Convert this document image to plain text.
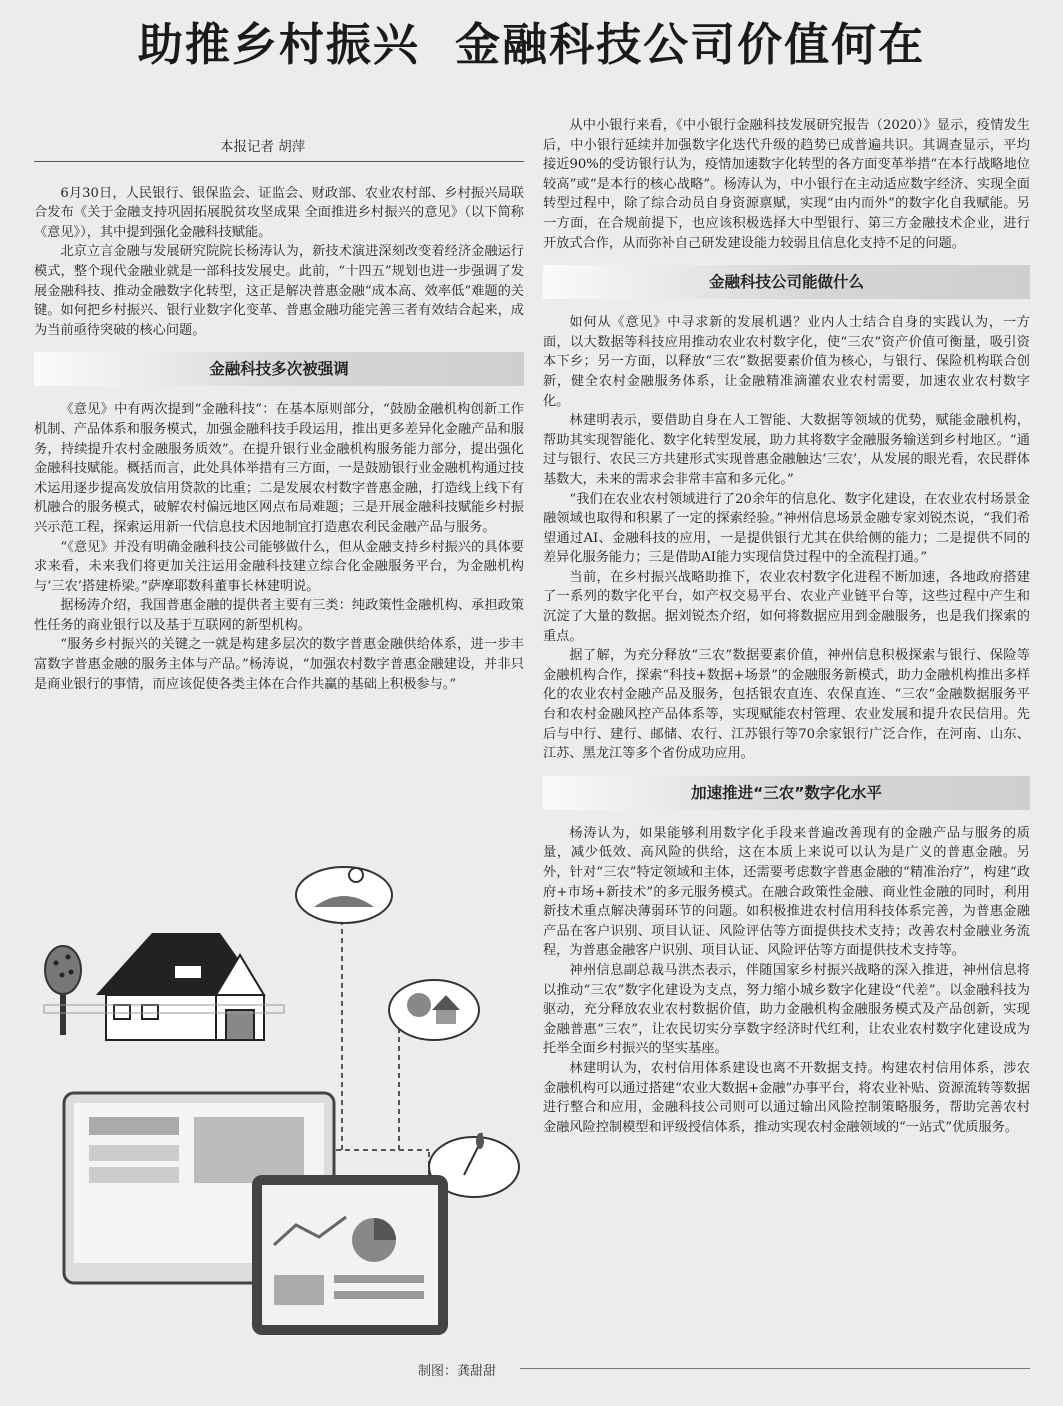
助推乡村振兴  金融科技公司价值何在
本报记者 胡萍

6月30日，人民银行、银保监会、证监会、财政部、农业农村部、乡村振兴局联合发布《关于金融支持巩固拓展脱贫攻坚成果 全面推进乡村振兴的意见》（以下简称《意见》），其中提到强化金融科技赋能。

北京立言金融与发展研究院院长杨涛认为，新技术演进深刻改变着经济金融运行模式，整个现代金融业就是一部科技发展史。此前，“十四五”规划也进一步强调了发展金融科技、推动金融数字化转型，这正是解决普惠金融“成本高、效率低”难题的关键。如何把乡村振兴、银行业数字化变革、普惠金融功能完善三者有效结合起来，成为当前亟待突破的核心问题。

金融科技多次被强调

《意见》中有两次提到“金融科技”：在基本原则部分，“鼓励金融机构创新工作机制、产品体系和服务模式，加强金融科技手段运用，推出更多差异化金融产品和服务，持续提升农村金融服务质效”。在提升银行业金融机构服务能力部分，提出强化金融科技赋能。概括而言，此处具体举措有三方面，一是鼓励银行业金融机构通过技术运用逐步提高发放信用贷款的比重；二是发展农村数字普惠金融，打造线上线下有机融合的服务模式，破解农村偏远地区网点布局难题；三是开展金融科技赋能乡村振兴示范工程，探索运用新一代信息技术因地制宜打造惠农利民金融产品与服务。

“《意见》并没有明确金融科技公司能够做什么，但从金融支持乡村振兴的具体要求来看，未来我们将更加关注运用金融科技建立综合化金融服务平台，为金融机构与‘三农’搭建桥梁。”萨摩耶数科董事长林建明说。

据杨涛介绍，我国普惠金融的提供者主要有三类：纯政策性金融机构、承担政策性任务的商业银行以及基于互联网的新型机构。

“服务乡村振兴的关键之一就是构建多层次的数字普惠金融供给体系，进一步丰富数字普惠金融的服务主体与产品。”杨涛说，“加强农村数字普惠金融建设，并非只是商业银行的事情，而应该促使各类主体在合作共赢的基础上积极参与。”

从中小银行来看，《中小银行金融科技发展研究报告（2020）》显示，疫情发生后，中小银行延续并加强数字化迭代升级的趋势已成普遍共识。其调查显示，平均接近90%的受访银行认为，疫情加速数字化转型的各方面变革举措“在本行战略地位较高”或“是本行的核心战略”。杨涛认为，中小银行在主动适应数字经济、实现全面转型过程中，除了综合动员自身资源禀赋，实现“由内而外”的数字化自我赋能。另一方面，在合规前提下，也应该积极选择大中型银行、第三方金融技术企业，进行开放式合作，从而弥补自己研发建设能力较弱且信息化支持不足的问题。

金融科技公司能做什么

如何从《意见》中寻求新的发展机遇？业内人士结合自身的实践认为，一方面，以大数据等科技应用推动农业农村数字化，使“三农”资产价值可衡量，吸引资本下乡；另一方面，以释放“三农”数据要素价值为核心，与银行、保险机构联合创新，健全农村金融服务体系，让金融精准滴灌农业农村需要，加速农业农村数字化。

林建明表示，要借助自身在人工智能、大数据等领域的优势，赋能金融机构，帮助其实现智能化、数字化转型发展，助力其将数字金融服务输送到乡村地区。“通过与银行、农民三方共建形式实现普惠金融触达‘三农’，从发展的眼光看，农民群体基数大，未来的需求会非常丰富和多元化。”

“我们在农业农村领域进行了20余年的信息化、数字化建设，在农业农村场景金融领域也取得和积累了一定的探索经验。”神州信息场景金融专家刘锐杰说，“我们希望通过AI、金融科技的应用，一是提供银行尤其在供给侧的能力；二是提供不同的差异化服务能力；三是借助AI能力实现信贷过程中的全流程打通。”

当前，在乡村振兴战略助推下，农业农村数字化进程不断加速，各地政府搭建了一系列的数字化平台，如产权交易平台、农业产业链平台等，这些过程中产生和沉淀了大量的数据。据刘锐杰介绍，如何将数据应用到金融服务，也是我们探索的重点。

据了解，为充分释放“三农”数据要素价值，神州信息积极探索与银行、保险等金融机构合作，探索“科技+数据+场景”的金融服务新模式，助力金融机构推出多样化的农业农村金融产品及服务，包括银农直连、农保直连、“三农”金融数据服务平台和农村金融风控产品体系等，实现赋能农村管理、农业发展和提升农民信用。先后与中行、建行、邮储、农行、江苏银行等70余家银行广泛合作，在河南、山东、江苏、黑龙江等多个省份成功应用。

加速推进“三农”数字化水平

杨涛认为，如果能够利用数字化手段来普遍改善现有的金融产品与服务的质量，减少低效、高风险的供给，这在本质上来说可以认为是广义的普惠金融。另外，针对“三农”特定领域和主体，还需要考虑数字普惠金融的“精准治疗”，构建“政府+市场+新技术”的多元服务模式。在融合政策性金融、商业性金融的同时，利用新技术重点解决薄弱环节的问题。如积极推进农村信用科技体系完善，为普惠金融产品在客户识别、项目认证、风险评估等方面提供技术支持；改善农村金融业务流程，为普惠金融客户识别、项目认证、风险评估等方面提供技术支持等。

神州信息副总裁马洪杰表示，伴随国家乡村振兴战略的深入推进，神州信息将以推动“三农”数字化建设为支点，努力缩小城乡数字化建设“代差”。以金融科技为驱动，充分释放农业农村数据价值，助力金融机构金融服务模式及产品创新，实现金融普惠“三农”，让农民切实分享数字经济时代红利，让农业农村数字化建设成为托举全面乡村振兴的坚实基座。

林建明认为，农村信用体系建设也离不开数据支持。构建农村信用体系，涉农金融机构可以通过搭建“农业大数据+金融”办事平台，将农业补贴、资源流转等数据进行整合和应用，金融科技公司则可以通过输出风险控制策略服务，帮助完善农村金融风险控制模型和评级授信体系，推动实现农村金融领域的“一站式”优质服务。

制图：龚甜甜
